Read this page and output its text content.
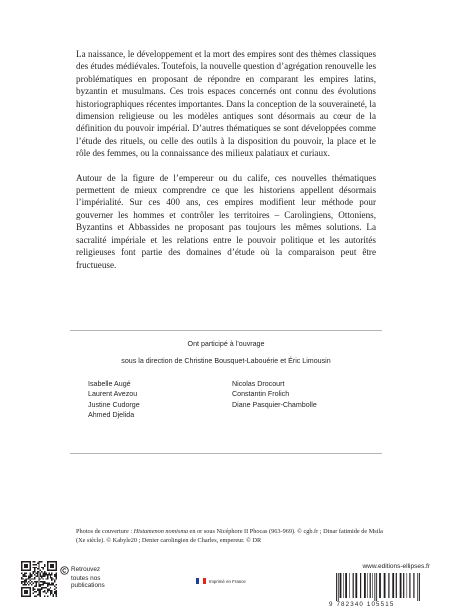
La naissance, le développement et la mort des empires sont des thèmes classiques des études médiévales. Toutefois, la nouvelle question d’agrégation renouvelle les problématiques en proposant de répondre en comparant les empires latins, byzantin et musulmans. Ces trois espaces concernés ont connu des évolutions historiographiques récentes importantes. Dans la conception de la souveraineté, la dimension religieuse ou les modèles antiques sont désormais au cœur de la définition du pouvoir impérial. D’autres thématiques se sont développées comme l’étude des rituels, ou celle des outils à la disposition du pouvoir, la place et le rôle des femmes, ou la connaissance des milieux palatiaux et curiaux.

Autour de la figure de l’empereur ou du calife, ces nouvelles thématiques permettent de mieux comprendre ce que les historiens appellent désormais l’impérialité. Sur ces 400 ans, ces empires modifient leur méthode pour gouverner les hommes et contrôler les territoires – Carolingiens, Ottoniens, Byzantins et Abbassides ne proposant pas toujours les mêmes solutions. La sacralité impériale et les relations entre le pouvoir politique et les autorités religieuses font partie des domaines d’étude où la comparaison peut être fructueuse.

Ont participé à l’ouvrage
sous la direction de Christine Bousquet-Labouérie et Éric Limousin
Isabelle Augé
Laurent Avezou
Justine Cudorge
Ahmed Djelida
Nicolas Drocourt
Constantin Frolich
Diane Pasquier-Chambolle
Photos de couverture : Histamenon nomisma en or sous Nicéphore II Phocas (963-969). © cgb.fr ; Dinar fatimide de Msila (Xe siècle). © Kabyle20 ; Denier carolingien de Charles, empereur. © DR
Retrouvez
toutes nos
publications
Imprimé en France
www.editions-ellipses.fr
9 782340 105515
